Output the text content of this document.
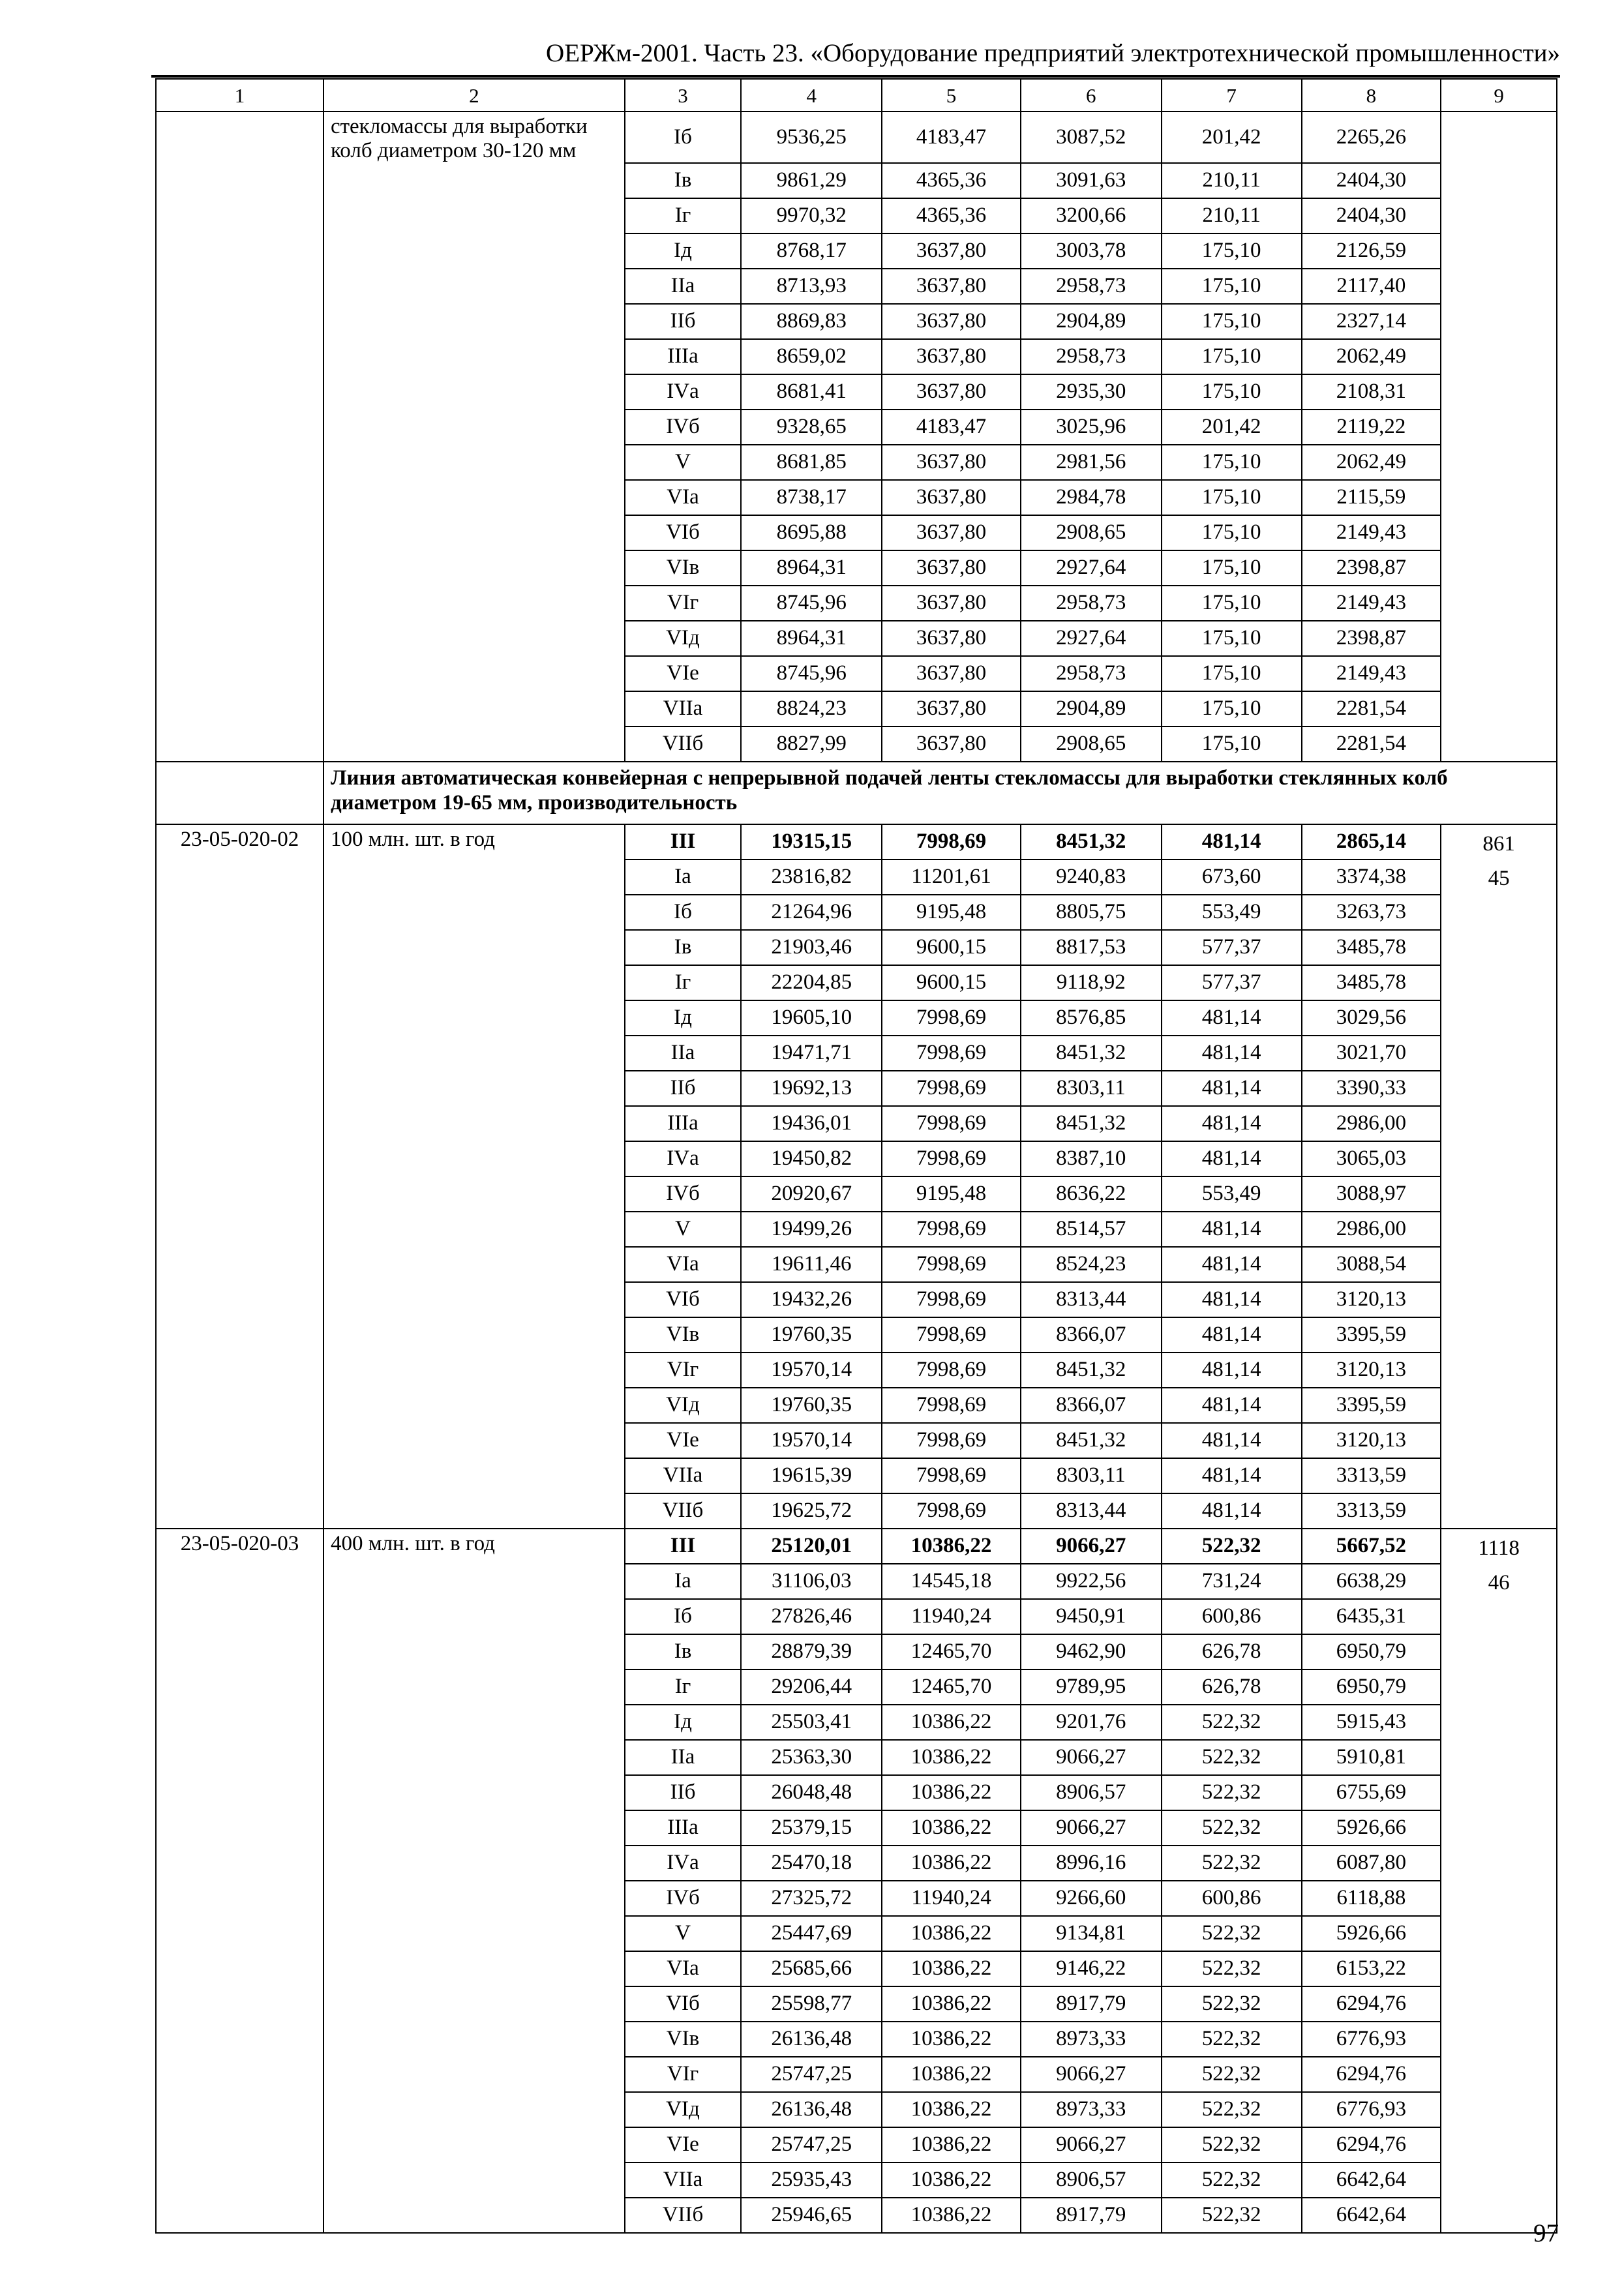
ОЕРЖм-2001. Часть 23. «Оборудование предприятий электротехнической промышленности»
1	2	3	4	5	6	7	8	9
	стекломассы для выработки колб диаметром 30-120 мм	Iб	9536,25	4183,47	3087,52	201,42	2265,26	
		Iв	9861,29	4365,36	3091,63	210,11	2404,30	
		Iг	9970,32	4365,36	3200,66	210,11	2404,30	
		Iд	8768,17	3637,80	3003,78	175,10	2126,59	
		IIа	8713,93	3637,80	2958,73	175,10	2117,40	
		IIб	8869,83	3637,80	2904,89	175,10	2327,14	
		IIIа	8659,02	3637,80	2958,73	175,10	2062,49	
		IVа	8681,41	3637,80	2935,30	175,10	2108,31	
		IVб	9328,65	4183,47	3025,96	201,42	2119,22	
		V	8681,85	3637,80	2981,56	175,10	2062,49	
		VIа	8738,17	3637,80	2984,78	175,10	2115,59	
		VIб	8695,88	3637,80	2908,65	175,10	2149,43	
		VIв	8964,31	3637,80	2927,64	175,10	2398,87	
		VIг	8745,96	3637,80	2958,73	175,10	2149,43	
		VIд	8964,31	3637,80	2927,64	175,10	2398,87	
		VIе	8745,96	3637,80	2958,73	175,10	2149,43	
		VIIа	8824,23	3637,80	2904,89	175,10	2281,54	
		VIIб	8827,99	3637,80	2908,65	175,10	2281,54	
	Линия автоматическая конвейерная с непрерывной подачей ленты стекломассы для выработки стеклянных колб диаметром 19-65 мм, производительность							
23-05-020-02	100 млн. шт. в год	III	19315,15	7998,69	8451,32	481,14	2865,14	861
		Iа	23816,82	11201,61	9240,83	673,60	3374,38	45
		Iб	21264,96	9195,48	8805,75	553,49	3263,73	
		Iв	21903,46	9600,15	8817,53	577,37	3485,78	
		Iг	22204,85	9600,15	9118,92	577,37	3485,78	
		Iд	19605,10	7998,69	8576,85	481,14	3029,56	
		IIа	19471,71	7998,69	8451,32	481,14	3021,70	
		IIб	19692,13	7998,69	8303,11	481,14	3390,33	
		IIIа	19436,01	7998,69	8451,32	481,14	2986,00	
		IVа	19450,82	7998,69	8387,10	481,14	3065,03	
		IVб	20920,67	9195,48	8636,22	553,49	3088,97	
		V	19499,26	7998,69	8514,57	481,14	2986,00	
		VIа	19611,46	7998,69	8524,23	481,14	3088,54	
		VIб	19432,26	7998,69	8313,44	481,14	3120,13	
		VIв	19760,35	7998,69	8366,07	481,14	3395,59	
		VIг	19570,14	7998,69	8451,32	481,14	3120,13	
		VIд	19760,35	7998,69	8366,07	481,14	3395,59	
		VIе	19570,14	7998,69	8451,32	481,14	3120,13	
		VIIа	19615,39	7998,69	8303,11	481,14	3313,59	
		VIIб	19625,72	7998,69	8313,44	481,14	3313,59	
23-05-020-03	400 млн. шт. в год	III	25120,01	10386,22	9066,27	522,32	5667,52	1118
		Iа	31106,03	14545,18	9922,56	731,24	6638,29	46
		Iб	27826,46	11940,24	9450,91	600,86	6435,31	
		Iв	28879,39	12465,70	9462,90	626,78	6950,79	
		Iг	29206,44	12465,70	9789,95	626,78	6950,79	
		Iд	25503,41	10386,22	9201,76	522,32	5915,43	
		IIа	25363,30	10386,22	9066,27	522,32	5910,81	
		IIб	26048,48	10386,22	8906,57	522,32	6755,69	
		IIIа	25379,15	10386,22	9066,27	522,32	5926,66	
		IVа	25470,18	10386,22	8996,16	522,32	6087,80	
		IVб	27325,72	11940,24	9266,60	600,86	6118,88	
		V	25447,69	10386,22	9134,81	522,32	5926,66	
		VIа	25685,66	10386,22	9146,22	522,32	6153,22	
		VIб	25598,77	10386,22	8917,79	522,32	6294,76	
		VIв	26136,48	10386,22	8973,33	522,32	6776,93	
		VIг	25747,25	10386,22	9066,27	522,32	6294,76	
		VIд	26136,48	10386,22	8973,33	522,32	6776,93	
		VIе	25747,25	10386,22	9066,27	522,32	6294,76	
		VIIа	25935,43	10386,22	8906,57	522,32	6642,64	
		VIIб	25946,65	10386,22	8917,79	522,32	6642,64	
97
